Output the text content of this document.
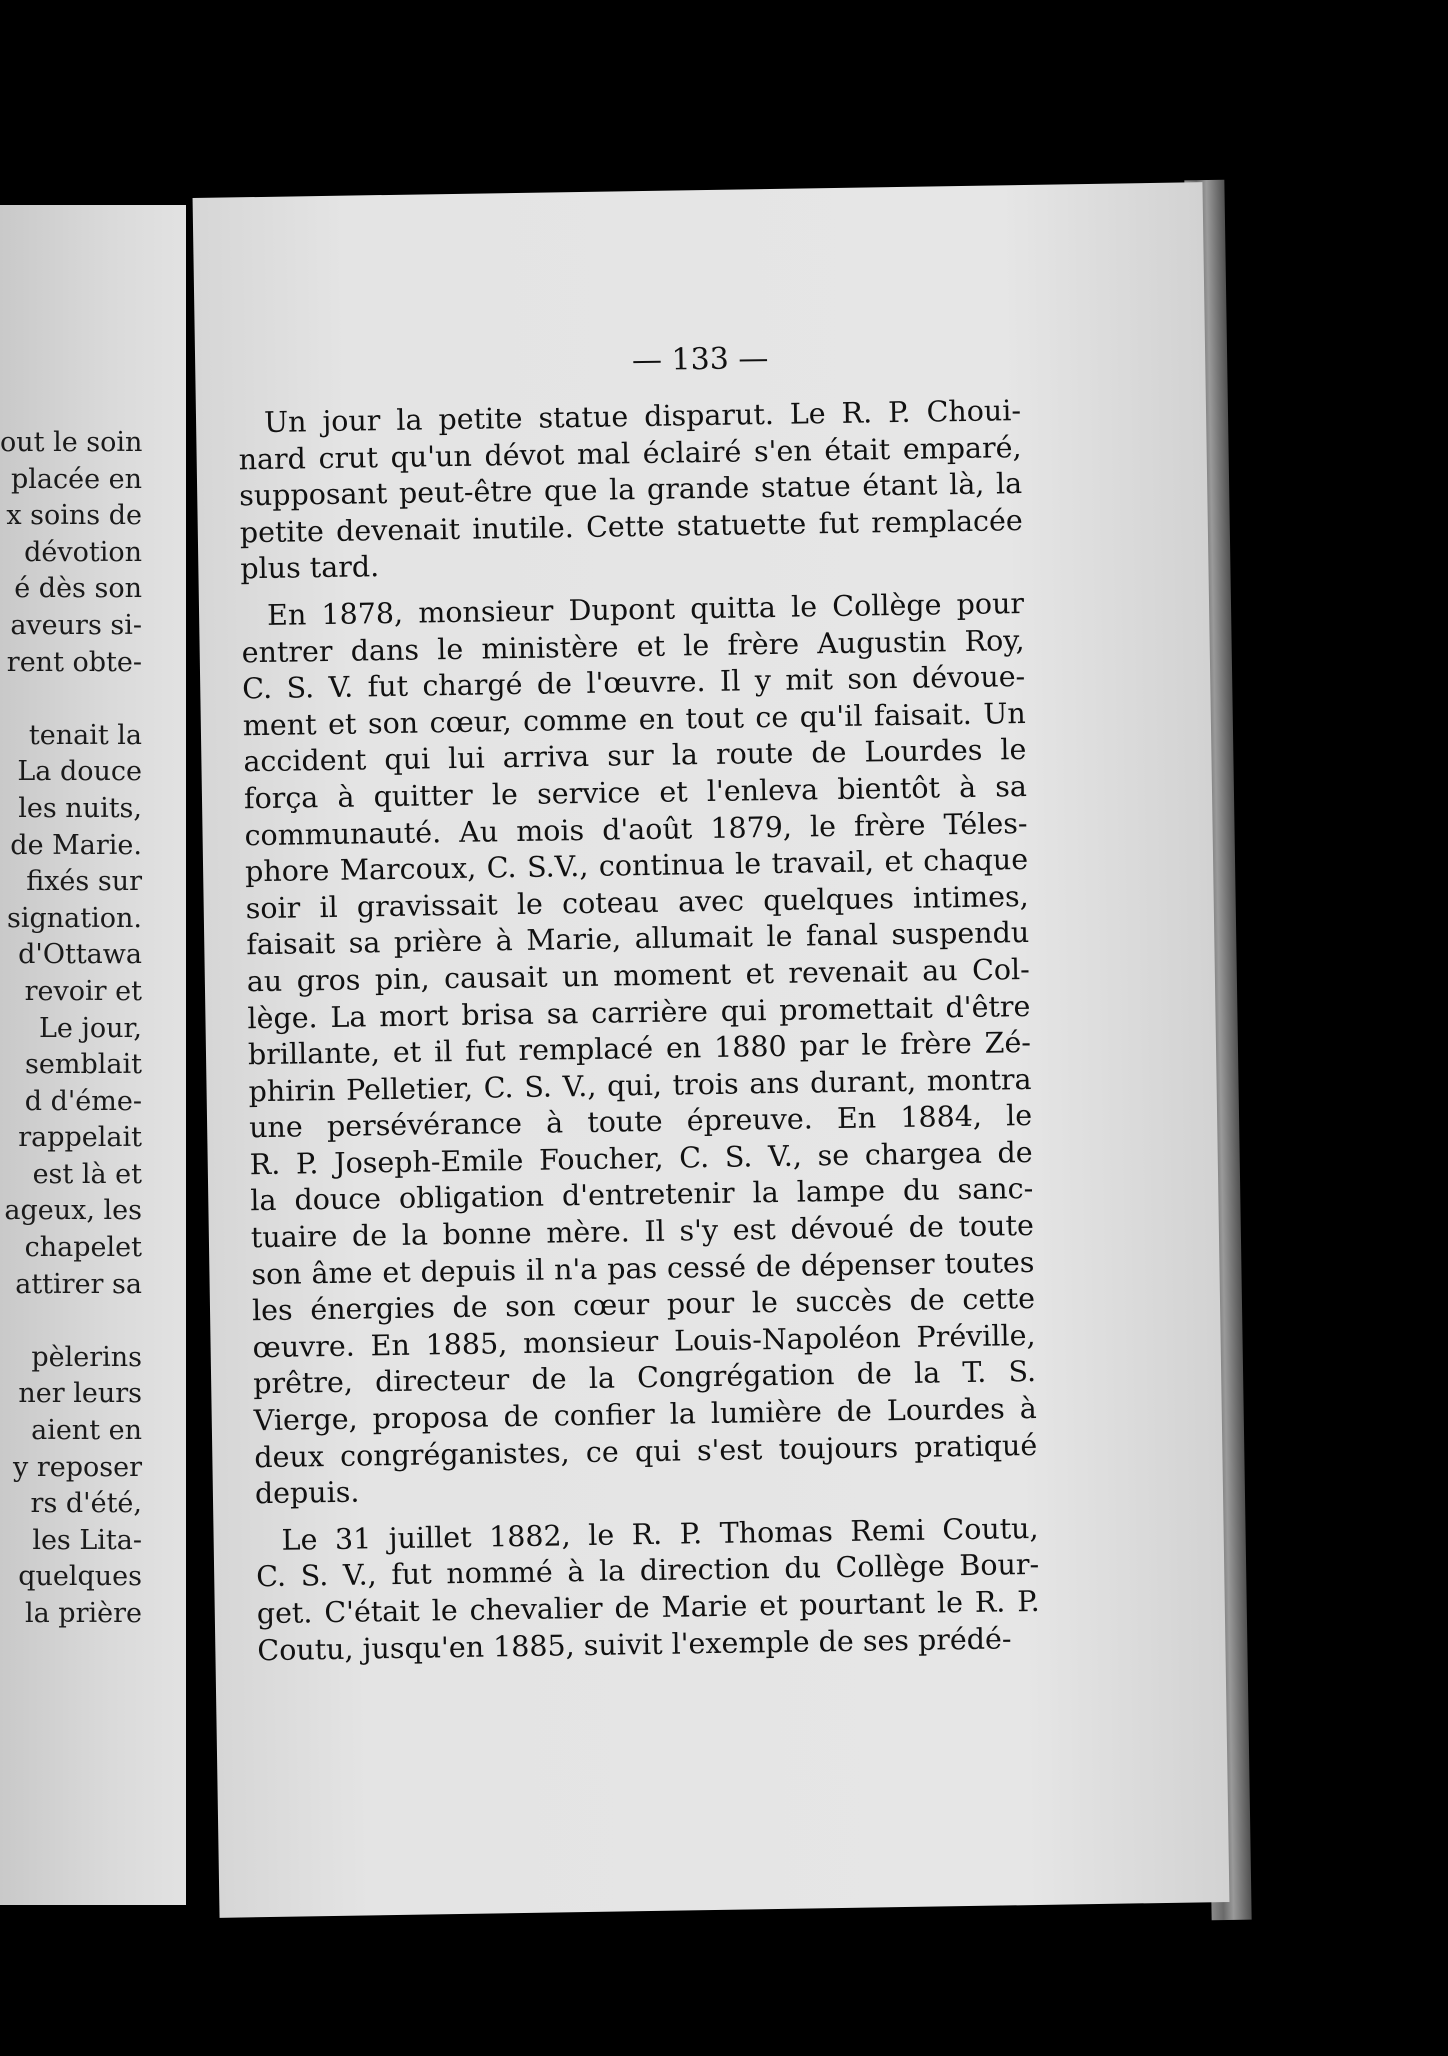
out le soin
placée en
x soins de
dévotion
é dès son
aveurs si-
rent obte-
tenait la
La douce
les nuits,
de Marie.
fixés sur
signation.
d'Ottawa
revoir et
Le jour,
semblait
d d'éme-
rappelait
est là et
ageux, les
chapelet
attirer sa
pèlerins
ner leurs
aient en
y reposer
rs d'été,
les Lita-
quelques
la prière
— 133 —
Un jour la petite statue disparut. Le R. P. Choui-
nard crut qu'un dévot mal éclairé s'en était emparé,
supposant peut-être que la grande statue étant là, la
petite devenait inutile. Cette statuette fut remplacée
plus tard.
En 1878, monsieur Dupont quitta le Collège pour
entrer dans le ministère et le frère Augustin Roy,
C. S. V. fut chargé de l'œuvre. Il y mit son dévoue-
ment et son cœur, comme en tout ce qu'il faisait. Un
accident qui lui arriva sur la route de Lourdes le
força à quitter le service et l'enleva bientôt à sa
communauté. Au mois d'août 1879, le frère Téles-
phore Marcoux, C. S.V., continua le travail, et chaque
soir il gravissait le coteau avec quelques intimes,
faisait sa prière à Marie, allumait le fanal suspendu
au gros pin, causait un moment et revenait au Col-
lège. La mort brisa sa carrière qui promettait d'être
brillante, et il fut remplacé en 1880 par le frère Zé-
phirin Pelletier, C. S. V., qui, trois ans durant, montra
une persévérance à toute épreuve. En 1884, le
R. P. Joseph-Emile Foucher, C. S. V., se chargea de
la douce obligation d'entretenir la lampe du sanc-
tuaire de la bonne mère. Il s'y est dévoué de toute
son âme et depuis il n'a pas cessé de dépenser toutes
les énergies de son cœur pour le succès de cette
œuvre. En 1885, monsieur Louis-Napoléon Préville,
prêtre, directeur de la Congrégation de la T. S.
Vierge, proposa de confier la lumière de Lourdes à
deux congréganistes, ce qui s'est toujours pratiqué
depuis.
Le 31 juillet 1882, le R. P. Thomas Remi Coutu,
C. S. V., fut nommé à la direction du Collège Bour-
get. C'était le chevalier de Marie et pourtant le R. P.
Coutu, jusqu'en 1885, suivit l'exemple de ses prédé-
